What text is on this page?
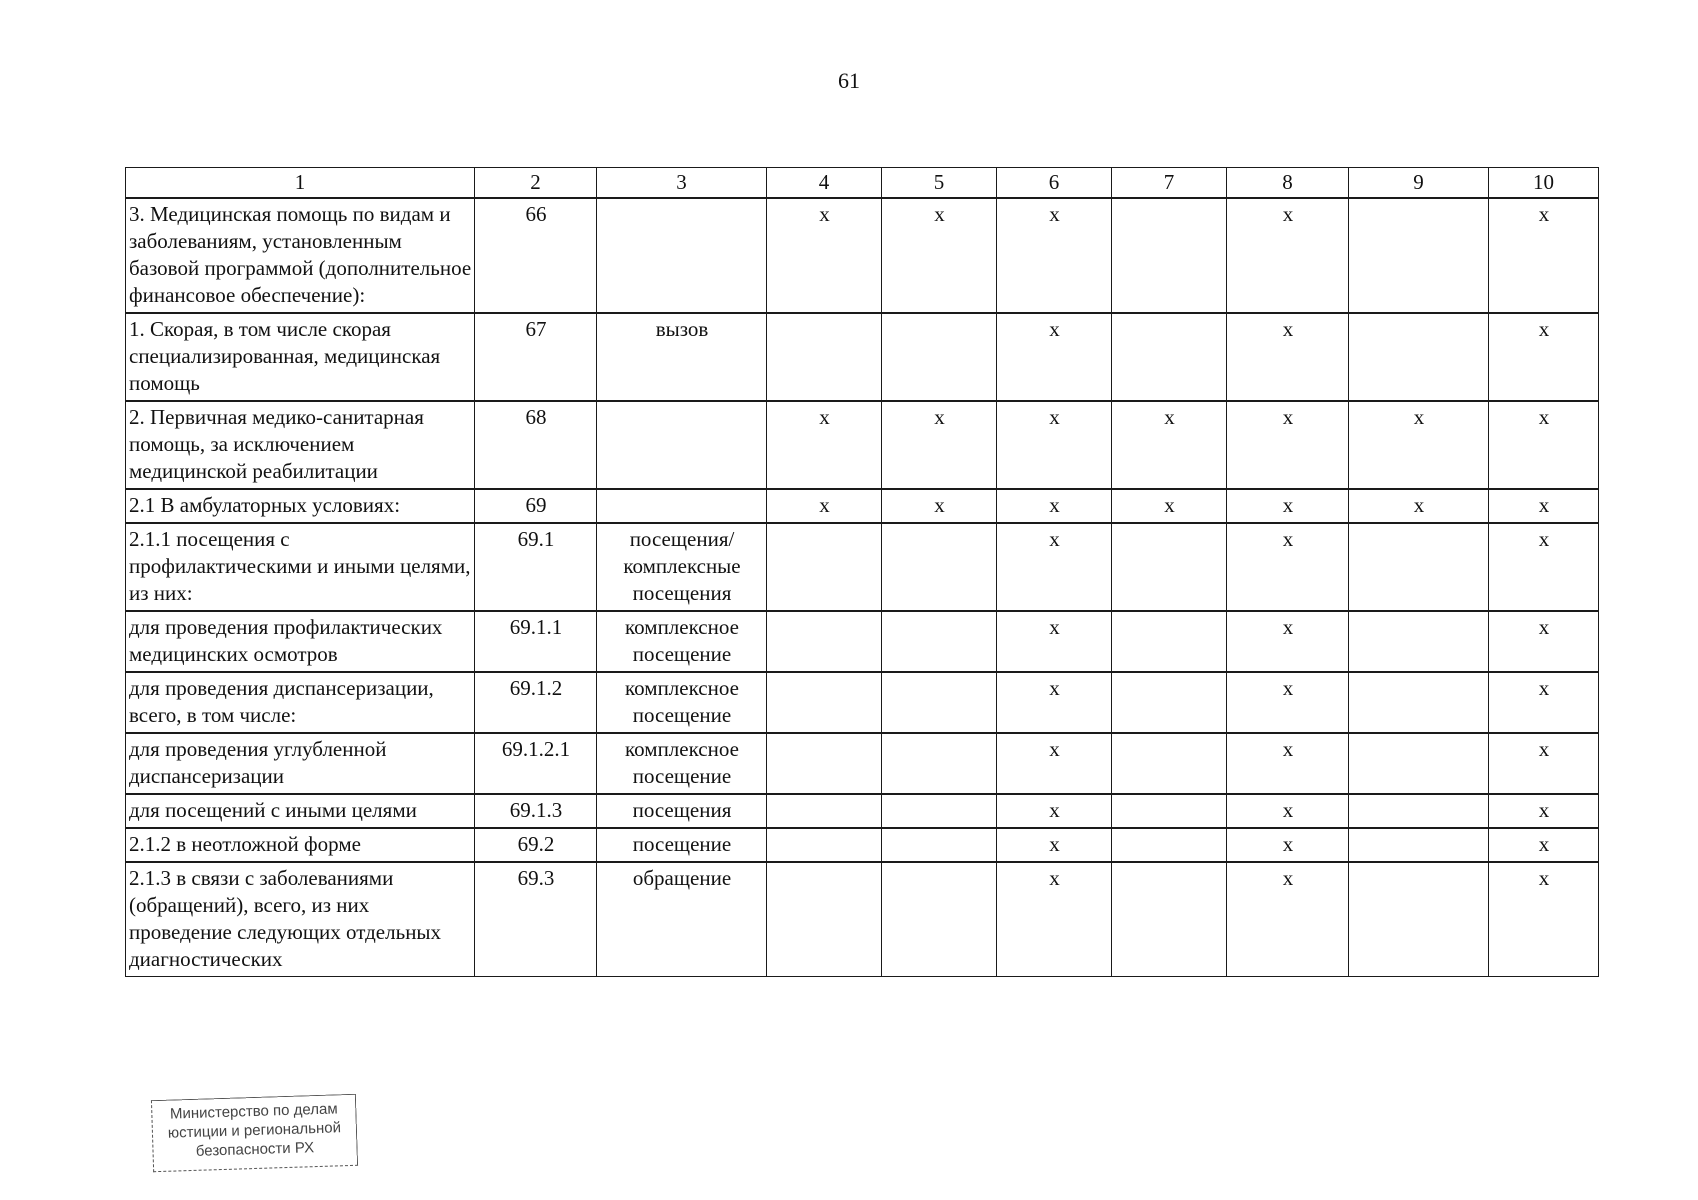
61
1	2	3	4	5	6	7	8	9	10
3. Медицинская помощь по видам и заболеваниям, установленным базовой программой (дополнительное финансовое обеспечение):	66		х	х	х		х		х
1. Скорая, в том числе скорая специализированная, медицинская помощь	67	вызов			х		х		х
2. Первичная медико-санитарная помощь, за исключением медицинской реабилитации	68		х	х	х	х	х	х	х
2.1 В амбулаторных условиях:	69		х	х	х	х	х	х	х
2.1.1 посещения с профилактическими и иными целями, из них:	69.1	посещения/комплексные посещения			х		х		х
для проведения профилактических медицинских осмотров	69.1.1	комплексное посещение			х		х		х
для проведения диспансеризации, всего, в том числе:	69.1.2	комплексное посещение			х		х		х
для проведения углубленной диспансеризации	69.1.2.1	комплексное посещение			х		х		х
для посещений с иными целями	69.1.3	посещения			х		х		х
2.1.2 в неотложной форме	69.2	посещение			х		х		х
2.1.3 в связи с заболеваниями (обращений), всего, из них проведение следующих отдельных диагностических	69.3	обращение			х		х		х
Министерство по делам
юстиции и региональной
безопасности РХ
